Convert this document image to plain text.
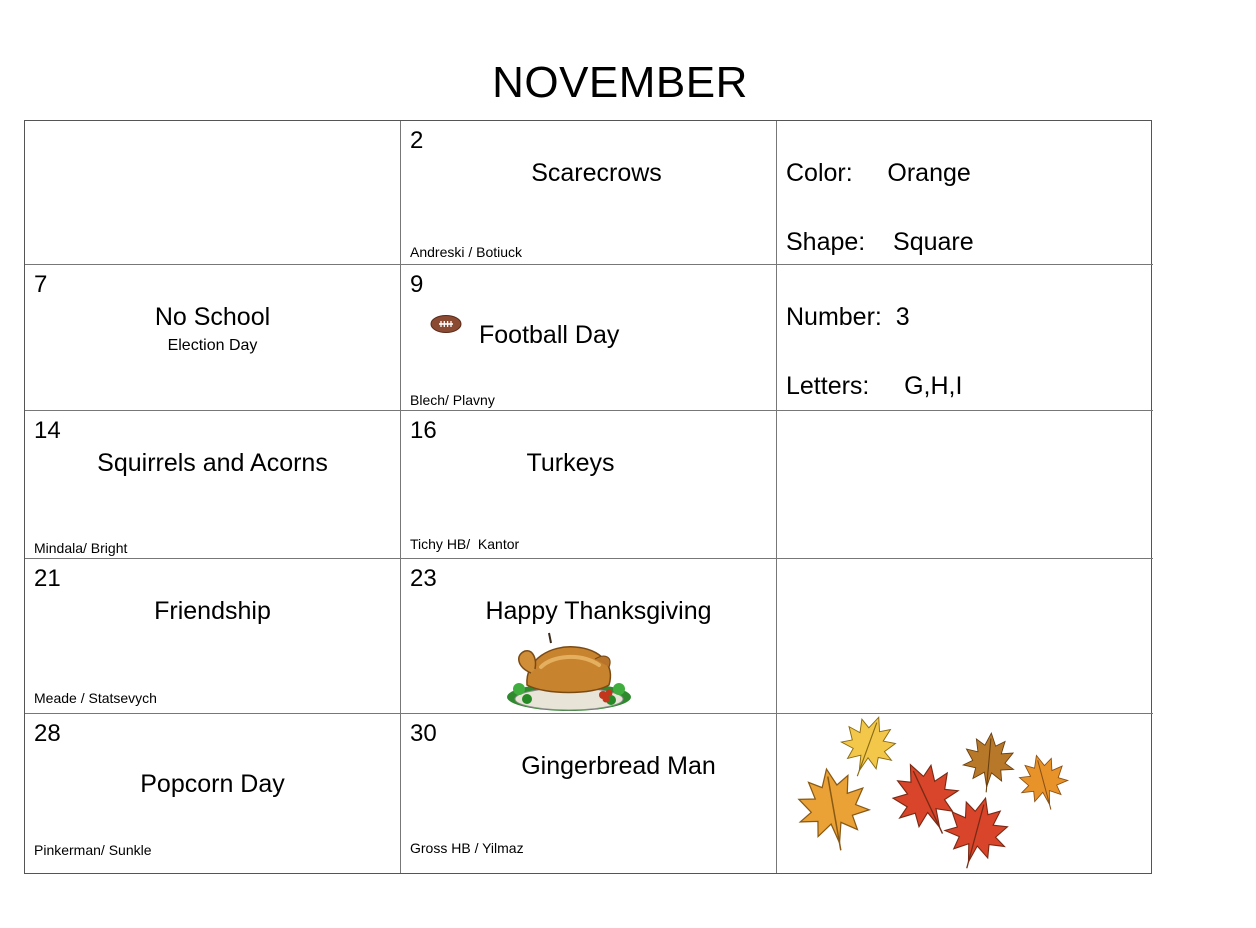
NOVEMBER
2
Scarecrows
Andreski / Botiuck
Color:     Orange
Shape:    Square
7
No School
Election Day
9
Football Day
Blech/ Plavny
Number:  3
Letters:     G,H,I
14
Squirrels and Acorns
Mindala/ Bright
16
Turkeys
Tichy HB/  Kantor
21
Friendship
Meade / Statsevych
23
Happy Thanksgiving
28
Popcorn Day
Pinkerman/ Sunkle
30
Gingerbread Man
Gross HB / Yilmaz
